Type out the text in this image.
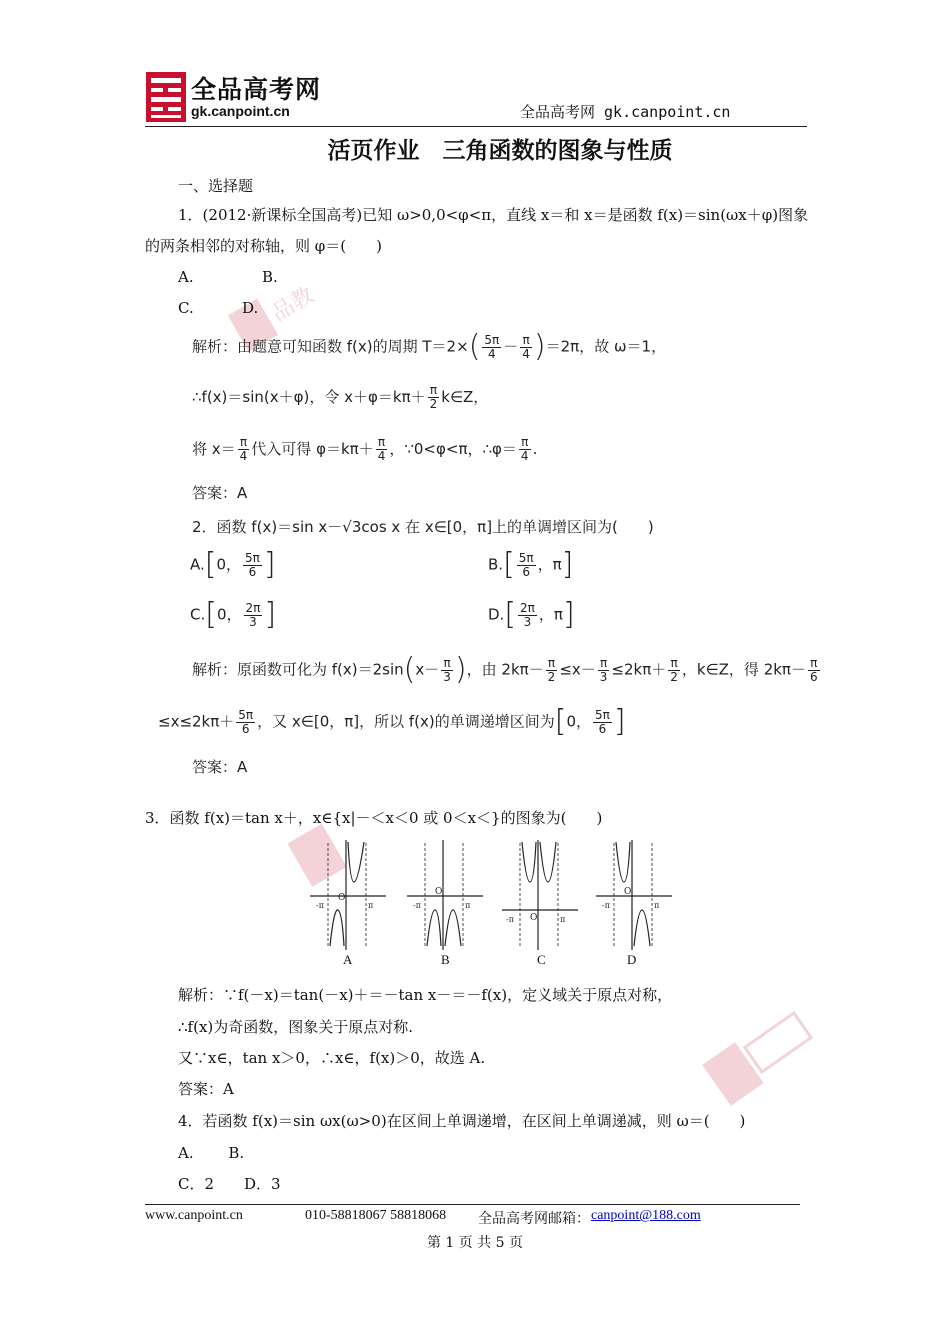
全品高考网
gk.canpoint.cn	全品高考网 gk.canpoint.cn
品教
活页作业　三角函数的图象与性质
一、选择题
1．(2012·新课标全国高考)已知 ω>0,0<φ<π，直线 x＝和 x＝是函数 f(x)＝sin(ωx＋φ)图象
的两条相邻的对称轴，则 φ＝(　　)
A.	B.
C.	D.
解析：由题意可知函数 f(x)的周期 $T=2\times( \frac{5\pi}{4} - \frac{\pi}{4} )=2\pi$，故 ω＝1，
∴f(x)＝sin(x＋φ)，令 $x+\varphi=k\pi+ \frac{\pi}{2}$ k∈Z，
将 $x= \frac{\pi}{4}$ 代入可得 $\varphi=k\pi+ \frac{\pi}{4}$ ，∵0<φ<π，∴φ＝ $\frac{\pi}{4}$ .
答案：A
2．函数 f(x)＝sin x－√3cos x 在 x∈[0，π]上的单调增区间为(　　)
A.[0， $\frac{5\pi}{6}$ ]	$B.[ \frac{5\pi}{6}$ ，π]
C.[0， $\frac{2\pi}{3}$ ]	$D.[ \frac{2\pi}{3}$ ，π]
解析：原函数可化为 $f(x)=2\sin(x- \frac{\pi}{3}$ )，由 $2k\pi- \frac{\pi}{2} \le x- \frac{\pi}{3} \le 2k\pi+ \frac{\pi}{2}$ ，k∈Z，得 $2k\pi- \frac{\pi}{6}$
$\le x\le 2k\pi+ \frac{5\pi}{6}$ ，又 x∈[0，π]，所以 f(x)的单调递增区间为[0， $\frac{5\pi}{6}$ ]
答案：A
3．函数 f(x)＝tan x＋，x∈{x|－＜x＜0 或 0＜x＜}的图象为(　　)
O
-π	π
O
-π	π
O
-π	π
O
-π	π
A	B	C	D
解析：∵f(－x)＝tan(－x)＋＝－tan x－＝－f(x)，定义域关于原点对称，
∴f(x)为奇函数，图象关于原点对称.
又∵x∈，tan x＞0，∴x∈，f(x)＞0，故选 A.
答案：A
4．若函数 f(x)＝sin ωx(ω>0)在区间上单调递增，在区间上单调递减，则 ω＝(　　)
A.　　 B.
C．2　　D．3
www.canpoint.cn	010-58818067 58818068 全品高考网邮箱： canpoint@188.com
第 1 页 共 5 页
